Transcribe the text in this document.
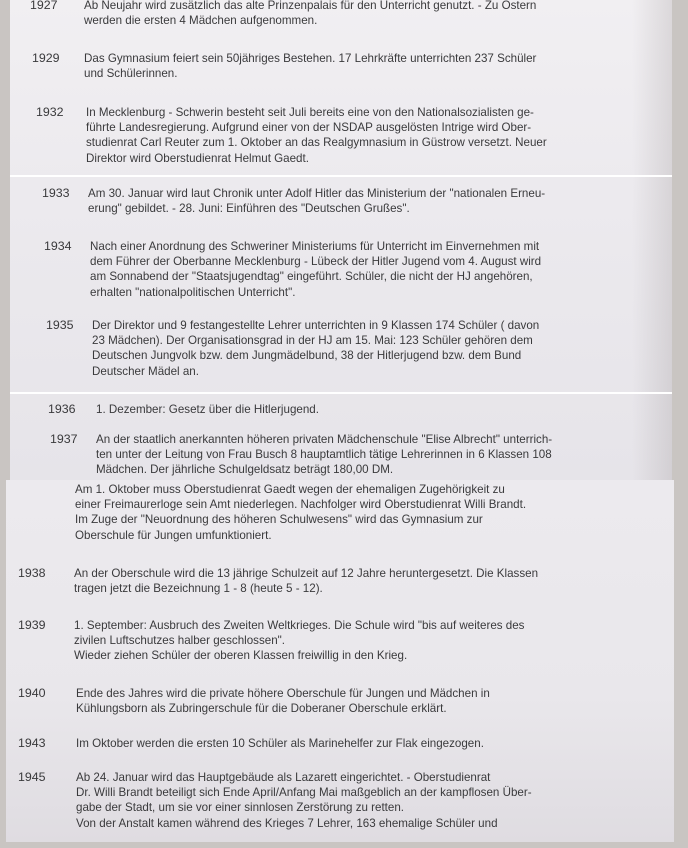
1927 Ab Neujahr wird zusätzlich das alte Prinzenpalais für den Unterricht genutzt. - Zu Ostern
werden die ersten 4 Mädchen aufgenommen.
1929 Das Gymnasium feiert sein 50jähriges Bestehen. 17 Lehrkräfte unterrichten 237 Schüler
und Schülerinnen.
1932 In Mecklenburg - Schwerin besteht seit Juli bereits eine von den Nationalsozialisten ge-
führte Landesregierung. Aufgrund einer von der NSDAP ausgelösten Intrige wird Ober-
studienrat Carl Reuter zum 1. Oktober an das Realgymnasium in Güstrow versetzt. Neuer
Direktor wird Oberstudienrat Helmut Gaedt.
1933 Am 30. Januar wird laut Chronik unter Adolf Hitler das Ministerium der "nationalen Erneu-
erung" gebildet. - 28. Juni: Einführen des "Deutschen Grußes".
1934 Nach einer Anordnung des Schweriner Ministeriums für Unterricht im Einvernehmen mit
dem Führer der Oberbanne Mecklenburg - Lübeck der Hitler Jugend vom 4. August wird
am Sonnabend der "Staatsjugendtag" eingeführt. Schüler, die nicht der HJ angehören,
erhalten "nationalpolitischen Unterricht".
1935 Der Direktor und 9 festangestellte Lehrer unterrichten in 9 Klassen 174 Schüler ( davon
23 Mädchen). Der Organisationsgrad in der HJ am 15. Mai: 123 Schüler gehören dem
Deutschen Jungvolk bzw. dem Jungmädelbund, 38 der Hitlerjugend bzw. dem Bund
Deutscher Mädel an.
1936 1. Dezember: Gesetz über die Hitlerjugend.
1937 An der staatlich anerkannten höheren privaten Mädchenschule "Elise Albrecht" unterrich-
ten unter der Leitung von Frau Busch 8 hauptamtlich tätige Lehrerinnen in 6 Klassen 108
Mädchen. Der jährliche Schulgeldsatz beträgt 180,00 DM.
Am 1. Oktober muss Oberstudienrat Gaedt wegen der ehemaligen Zugehörigkeit zu
einer Freimaurerloge sein Amt niederlegen. Nachfolger wird Oberstudienrat Willi Brandt.
Im Zuge der "Neuordnung des höheren Schulwesens" wird das Gymnasium zur
Oberschule für Jungen umfunktioniert.
1938 An der Oberschule wird die 13 jährige Schulzeit auf 12 Jahre heruntergesetzt. Die Klassen
tragen jetzt die Bezeichnung 1 - 8 (heute 5 - 12).
1939 1. September: Ausbruch des Zweiten Weltkrieges. Die Schule wird "bis auf weiteres des
zivilen Luftschutzes halber geschlossen".
Wieder ziehen Schüler der oberen Klassen freiwillig in den Krieg.
1940	Ende des Jahres wird die private höhere Oberschule für Jungen und Mädchen in
Kühlungsborn als Zubringerschule für die Doberaner Oberschule erklärt.
1943	Im Oktober werden die ersten 10 Schüler als Marinehelfer zur Flak eingezogen.
1945	Ab 24. Januar wird das Hauptgebäude als Lazarett eingerichtet. - Oberstudienrat
Dr. Willi Brandt beteiligt sich Ende April/Anfang Mai maßgeblich an der kampflosen Über-
gabe der Stadt, um sie vor einer sinnlosen Zerstörung zu retten.
Von der Anstalt kamen während des Krieges 7 Lehrer, 163 ehemalige Schüler und
